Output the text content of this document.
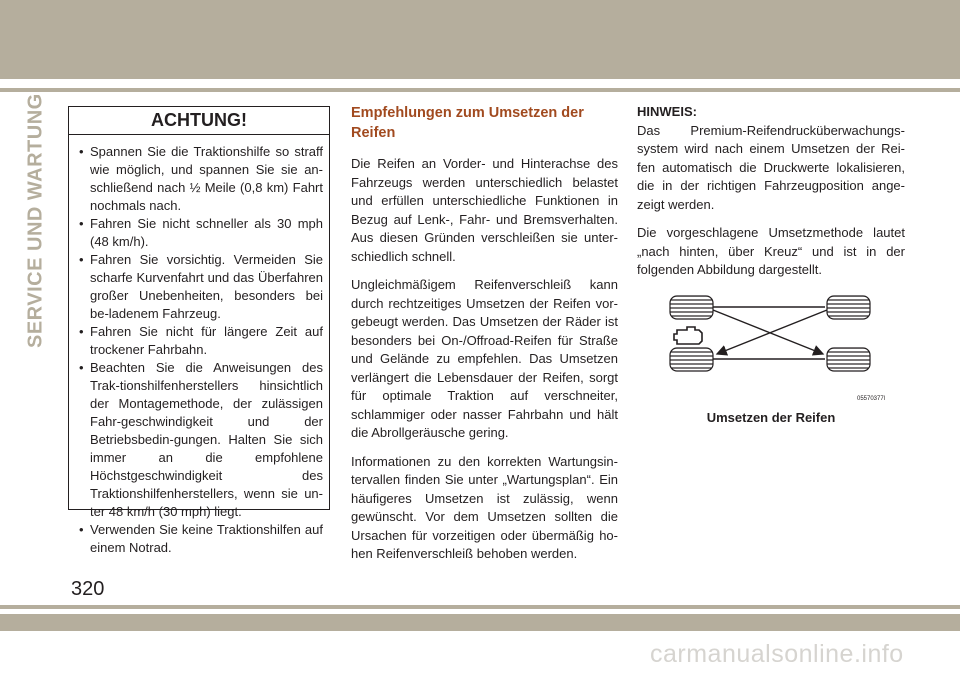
SERVICE UND WARTUNG	ACHTUNG!
• Spannen Sie die Traktionshilfe so straff wie möglich, und spannen Sie sie an-schließend nach ½ Meile (0,8 km) Fahrt nochmals nach.
• Fahren Sie nicht schneller als 30 mph (48 km/h).
• Fahren Sie vorsichtig. Vermeiden Sie scharfe Kurvenfahrt und das Überfahren großer Unebenheiten, besonders bei be-ladenem Fahrzeug.
• Fahren Sie nicht für längere Zeit auf trockener Fahrbahn.
• Beachten Sie die Anweisungen des Trak-tionshilfenherstellers hinsichtlich der Montagemethode, der zulässigen Fahr-geschwindigkeit und der Betriebsbedin-gungen. Halten Sie sich immer an die empfohlene Höchstgeschwindigkeit des Traktionshilfenherstellers, wenn sie un-ter 48 km/h (30 mph) liegt.
• Verwenden Sie keine Traktionshilfen auf einem Notrad.
Empfehlungen zum Umsetzen der Reifen

Die Reifen an Vorder- und Hinterachse des Fahrzeugs werden unterschiedlich belastet und erfüllen unterschiedliche Funktionen in Bezug auf Lenk-, Fahr- und Bremsverhalten. Aus diesen Gründen verschleißen sie unter-schiedlich schnell.

Ungleichmäßigem Reifenverschleiß kann durch rechtzeitiges Umsetzen der Reifen vor-gebeugt werden. Das Umsetzen der Räder ist besonders bei On-/Offroad-Reifen für Straße und Gelände zu empfehlen. Das Umsetzen verlängert die Lebensdauer der Reifen, sorgt für optimale Traktion auf verschneiter, schlammiger oder nasser Fahrbahn und hält die Abrollgeräusche gering.

Informationen zu den korrekten Wartungsin-tervallen finden Sie unter „Wartungsplan“. Ein häufigeres Umsetzen ist zulässig, wenn gewünscht. Vor dem Umsetzen sollten die Ursachen für vorzeitigen oder übermäßig ho-hen Reifenverschleiß behoben werden.

HINWEIS:

Das Premium-Reifendrucküberwachungs-system wird nach einem Umsetzen der Rei-fen automatisch die Druckwerte lokalisieren, die in der richtigen Fahrzeugposition ange-zeigt werden.

Die vorgeschlagene Umsetzmethode lautet „nach hinten, über Kreuz“ und ist in der folgenden Abbildung dargestellt.

05570377l
Umsetzen der Reifen
320
carmanualsonline.info
